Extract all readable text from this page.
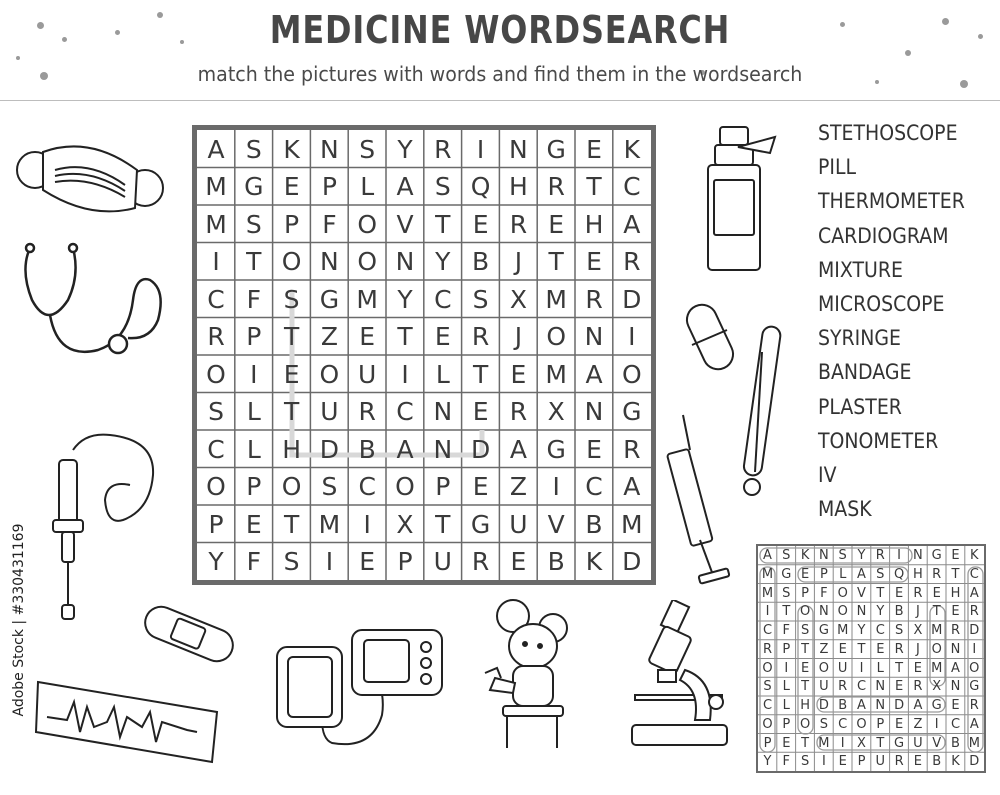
MEDICINE WORDSEARCH
match the pictures with words and find them in the wordsearch
A S K N S Y R	I N G E K
M G E P L A S Q H R T C
M S P F O V T E R E H A
I	T O N O N Y B	J	T E R
C F S G M Y C S X M R D
R P T Z E T E R	J O N I
O I	E O U I	L T E M A O
S L T U R C N E R X N G
C L H D B A N D A G E R
O P O S C O P E Z	I	C A
P E T M I	X T G U V B M
Y F S	I	E P U R E B K D
STETHOSCOPE
PILL
THERMOMETER
CARDIOGRAM
MIXTURE
MICROSCOPE
SYRINGE
BANDAGE
PLASTER
TONOMETER
IV
MASK
A S K N S Y R I N G E K
M G E P L A S Q H R T C
M S P F O V T E R E H A
I T O N O N Y B J T E R
C F S G M Y C S X M R D
R P T Z E T E R J O N I
O I E O U I	L T E M A O
S L T U R C N E R X N G
C L H D B A N D A G E R
O P O S C O P E Z I C A
P E T M I X T G U V B M
Y F S I E P U R E B K D
Adobe Stock | #330431169
